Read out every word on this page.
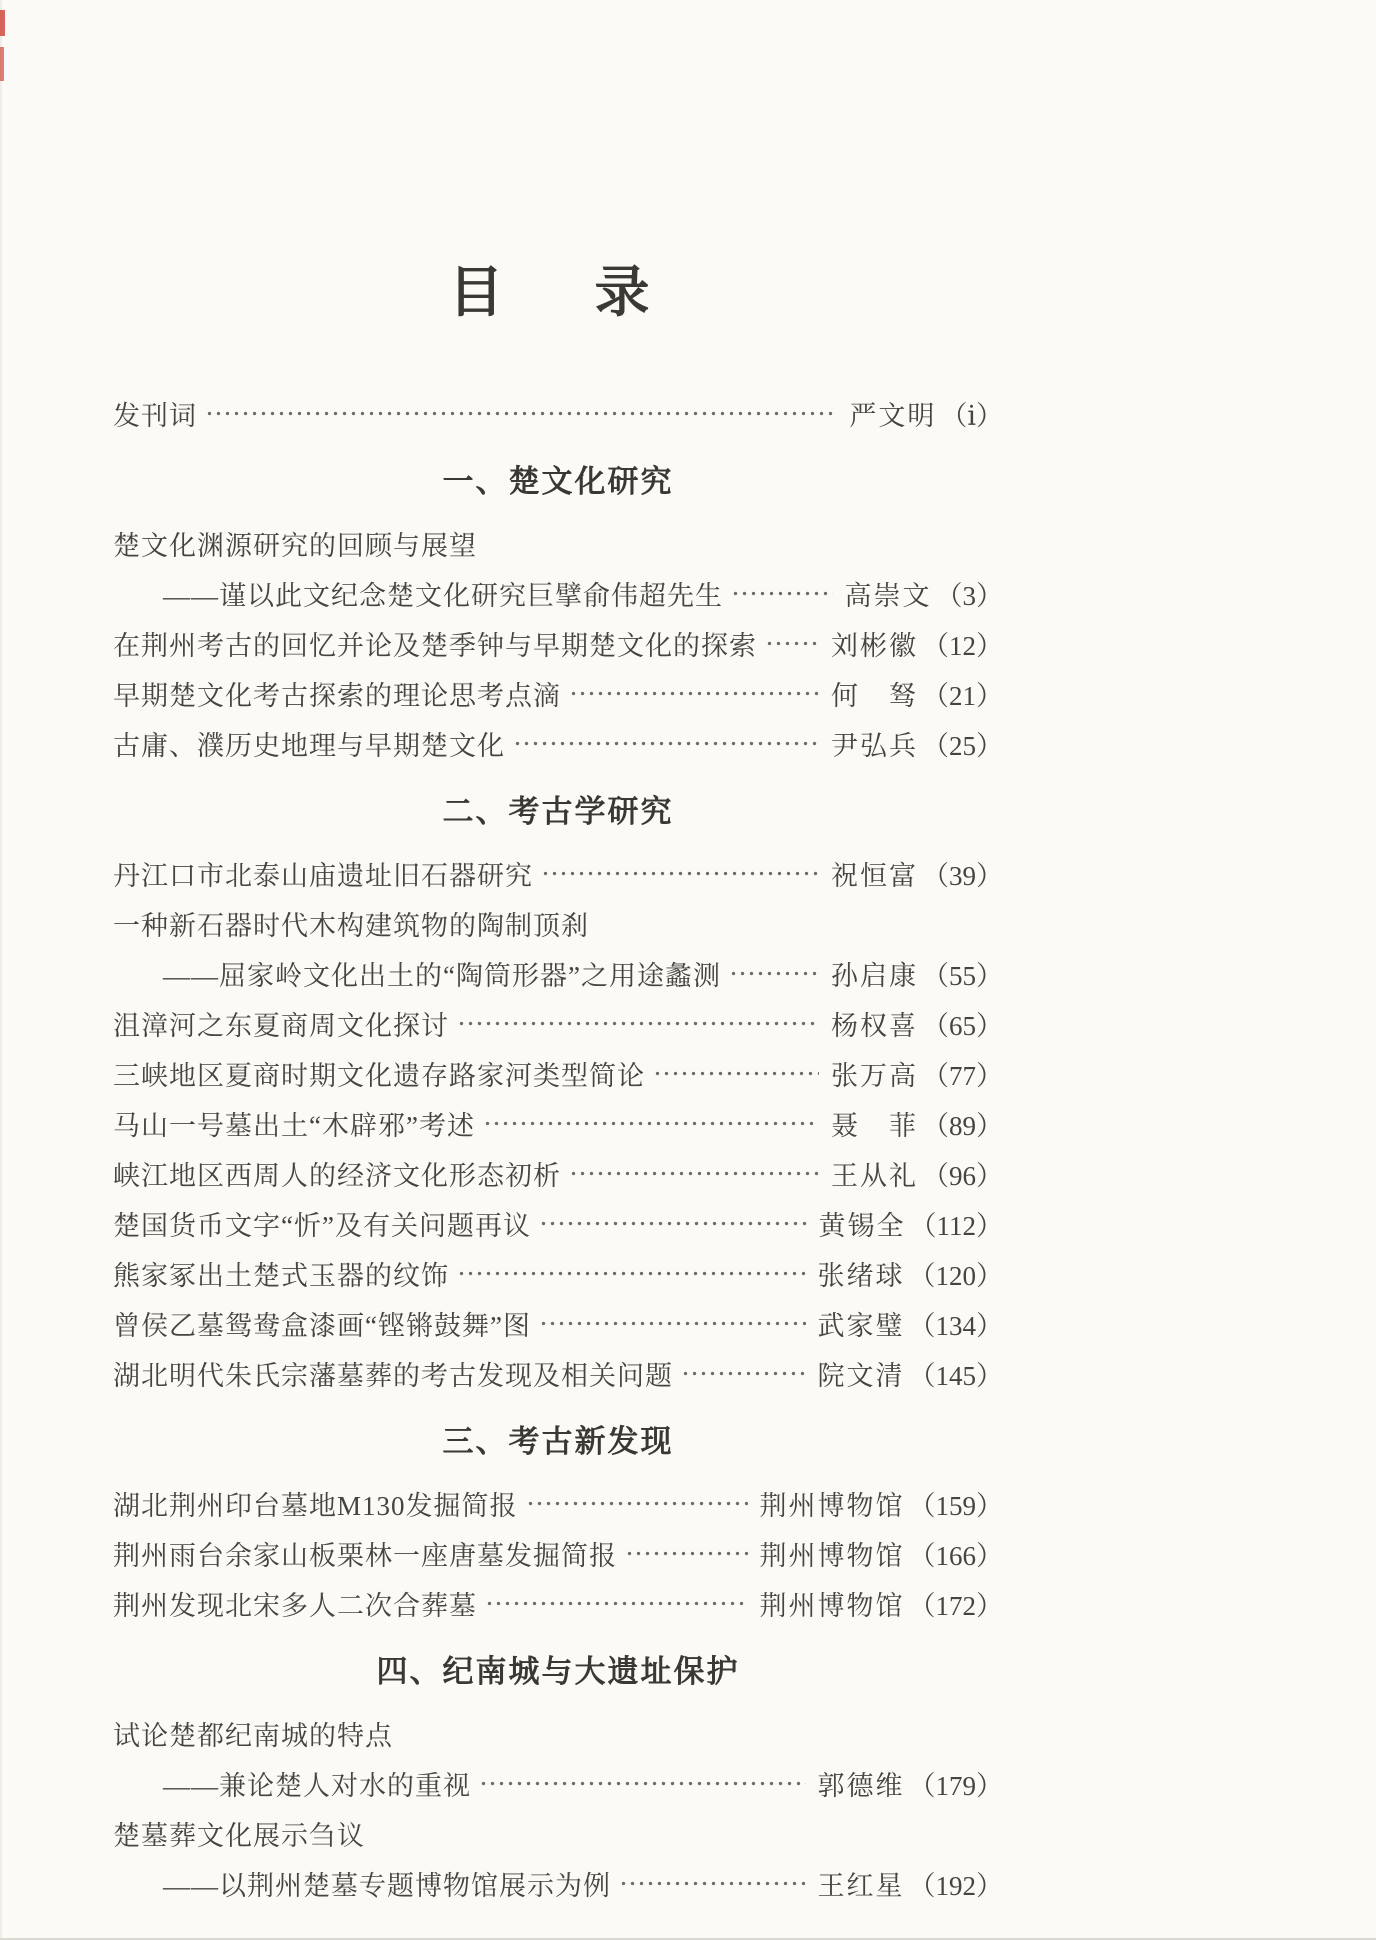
目　录
发刊词	严文明 （ⅰ）
一、楚文化研究
楚文化渊源研究的回顾与展望
——谨以此文纪念楚文化研究巨擘俞伟超先生	高崇文 （3）
在荆州考古的回忆并论及楚季钟与早期楚文化的探索	刘彬徽 （12）
早期楚文化考古探索的理论思考点滴	何　驽 （21）
古庸、濮历史地理与早期楚文化	尹弘兵 （25）
二、考古学研究
丹江口市北泰山庙遗址旧石器研究	祝恒富 （39）
一种新石器时代木构建筑物的陶制顶刹
——屈家岭文化出土的“陶筒形器”之用途蠡测	孙启康 （55）
沮漳河之东夏商周文化探讨	杨权喜 （65）
三峡地区夏商时期文化遗存路家河类型简论	张万高 （77）
马山一号墓出土“木辟邪”考述	聂　菲 （89）
峡江地区西周人的经济文化形态初析	王从礼 （96）
楚国货币文字“忻”及有关问题再议	黄锡全 （112）
熊家冢出土楚式玉器的纹饰	张绪球 （120）
曾侯乙墓鸳鸯盒漆画“铿锵鼓舞”图	武家璧 （134）
湖北明代朱氏宗藩墓葬的考古发现及相关问题	院文清 （145）
三、考古新发现
湖北荆州印台墓地M130发掘简报	荆州博物馆 （159）
荆州雨台余家山板栗林一座唐墓发掘简报	荆州博物馆 （166）
荆州发现北宋多人二次合葬墓	荆州博物馆 （172）
四、纪南城与大遗址保护
试论楚都纪南城的特点
——兼论楚人对水的重视	郭德维 （179）
楚墓葬文化展示刍议
——以荆州楚墓专题博物馆展示为例	王红星 （192）
